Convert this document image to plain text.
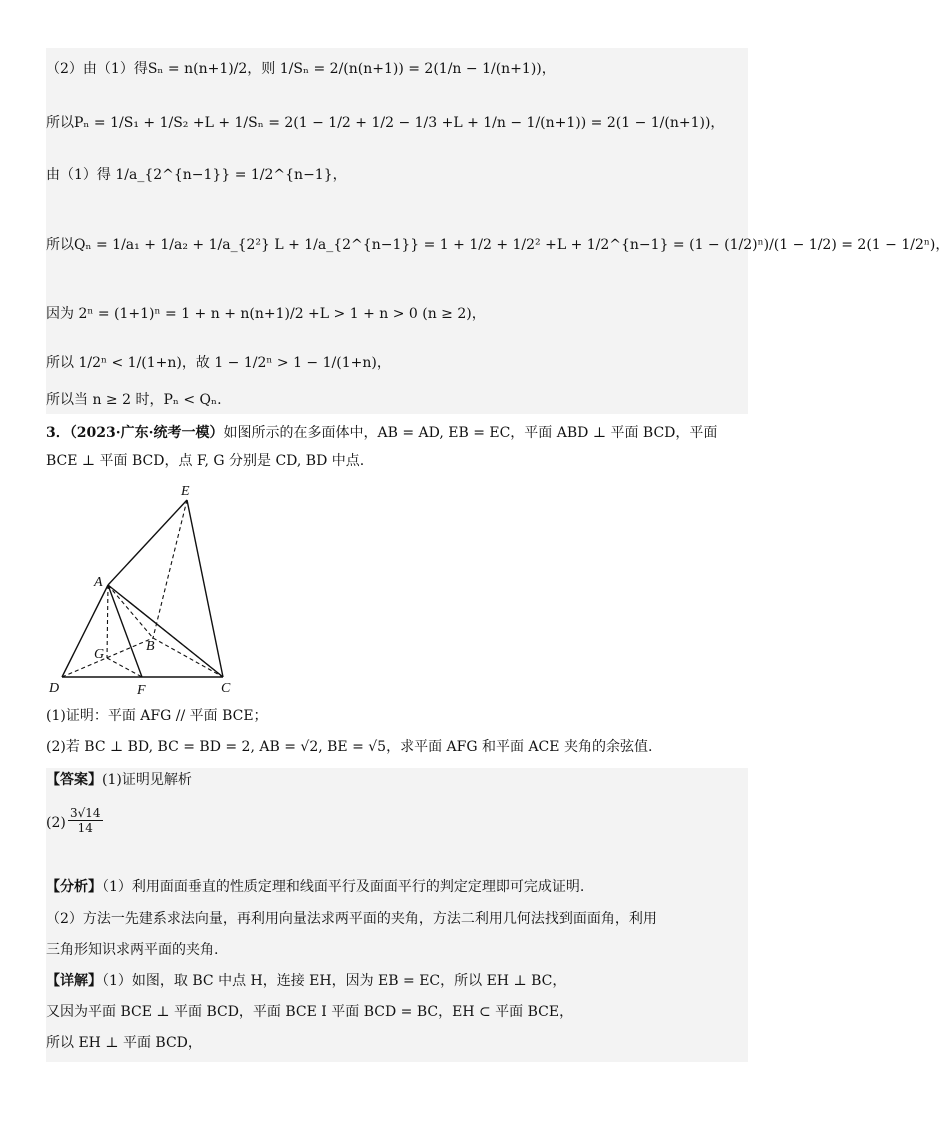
（2）由（1）得Sₙ = n(n+1)/2，则 1/Sₙ = 2/(n(n+1)) = 2(1/n − 1/(n+1))，
所以Pₙ = 1/S₁ + 1/S₂ +L + 1/Sₙ = 2(1 − 1/2 + 1/2 − 1/3 +L + 1/n − 1/(n+1)) = 2(1 − 1/(n+1))，
由（1）得 1/a_{2^{n−1}} = 1/2^{n−1}，
所以Qₙ = 1/a₁ + 1/a₂ + 1/a_{2²} L + 1/a_{2^{n−1}} = 1 + 1/2 + 1/2² +L + 1/2^{n−1} = (1 − (1/2)ⁿ)/(1 − 1/2) = 2(1 − 1/2ⁿ)，
因为 2ⁿ = (1+1)ⁿ = 1 + n + n(n+1)/2 +L > 1 + n > 0 (n ≥ 2)，
所以 1/2ⁿ < 1/(1+n)，故 1 − 1/2ⁿ > 1 − 1/(1+n)，
所以当 n ≥ 2 时，Pₙ < Qₙ.
3．（2023·广东·统考一模）如图所示的在多面体中，AB = AD, EB = EC，平面 ABD ⊥ 平面 BCD，平面
BCE ⊥ 平面 BCD，点 F, G 分别是 CD, BD 中点.
E
A
G
B
D	F	C
(1)证明：平面 AFG // 平面 BCE；
(2)若 BC ⊥ BD, BC = BD = 2, AB = √2, BE = √5，求平面 AFG 和平面 ACE 夹角的余弦值.
【答案】(1)证明见解析
$(2) \frac{3√14}{14}$
【分析】（1）利用面面垂直的性质定理和线面平行及面面平行的判定定理即可完成证明.
（2）方法一先建系求法向量，再利用向量法求两平面的夹角，方法二利用几何法找到面面角，利用
三角形知识求两平面的夹角.
【详解】（1）如图，取 BC 中点 H，连接 EH，因为 EB = EC，所以 EH ⊥ BC，
又因为平面 BCE ⊥ 平面 BCD，平面 BCE I 平面 BCD = BC，EH ⊂ 平面 BCE，
所以 EH ⊥ 平面 BCD，
